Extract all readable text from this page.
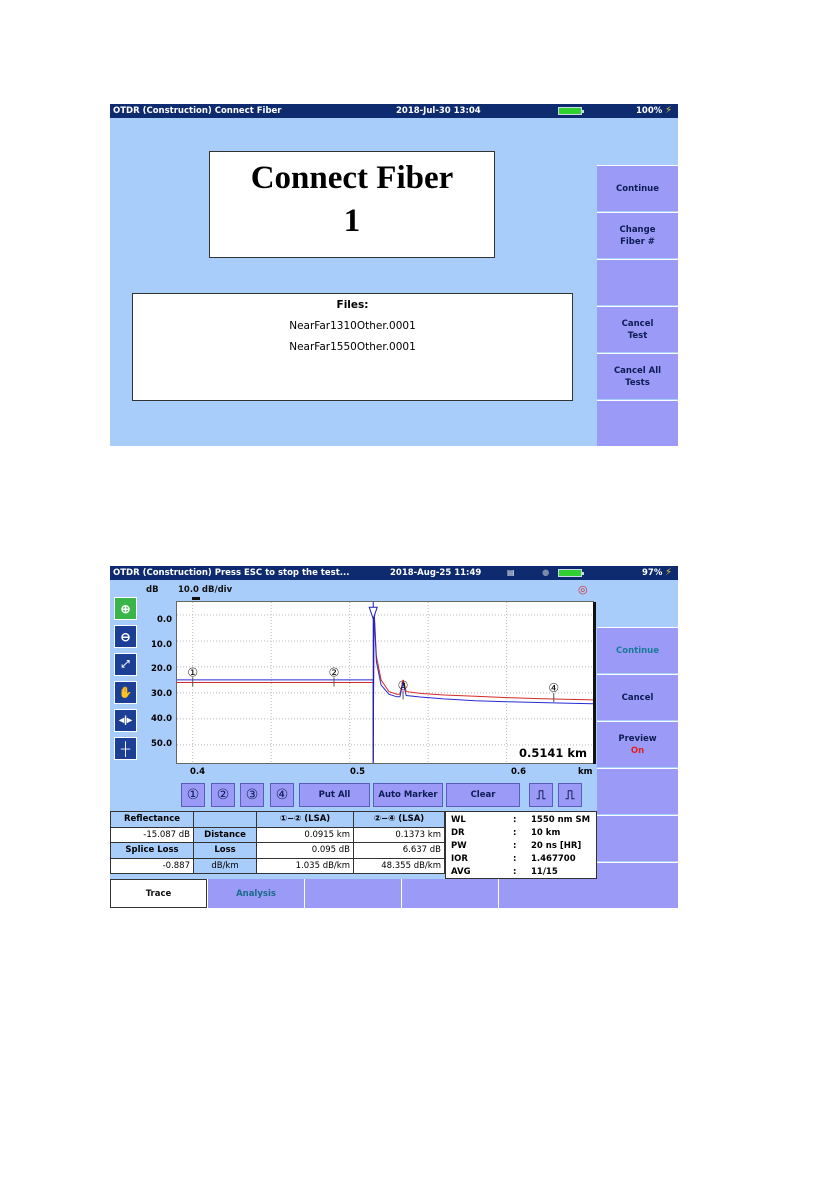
OTDR (Construction) Connect Fiber	2018-Jul-30 13:04	100% ⚡
Connect Fiber
1
Files:
NearFar1310Other.0001
NearFar1550Other.0001
Continue
Change
Fiber #
Cancel
Test
Cancel All
Tests
OTDR (Construction) Press ESC to stop the test...	2018-Aug-25 11:49	▤	●	97% ⚡
dB 10.0 dB/div	◎
⊕
⊖
⤢
✋
◂|▸
┼
0.0
10.0
20.0
30.0
40.0
50.0
①	②
③	④
0.5141 km
0.4	0.5	0.6	km
①	②	③	④	Put All	Auto Marker	Clear	⎍	⎍
Reflectance		①−② (LSA)	②−④ (LSA)
-15.087 dB	Distance	0.0915 km	0.1373 km
Splice Loss	Loss	0.095 dB	6.637 dB
-0.887	dB/km	1.035 dB/km	48.355 dB/km
WL	: 1550 nm SM
DR	: 10 km
PW	: 20 ns [HR]
IOR	: 1.467700
AVG	: 11/15
Trace	Analysis
Continue
Cancel
Preview
On
